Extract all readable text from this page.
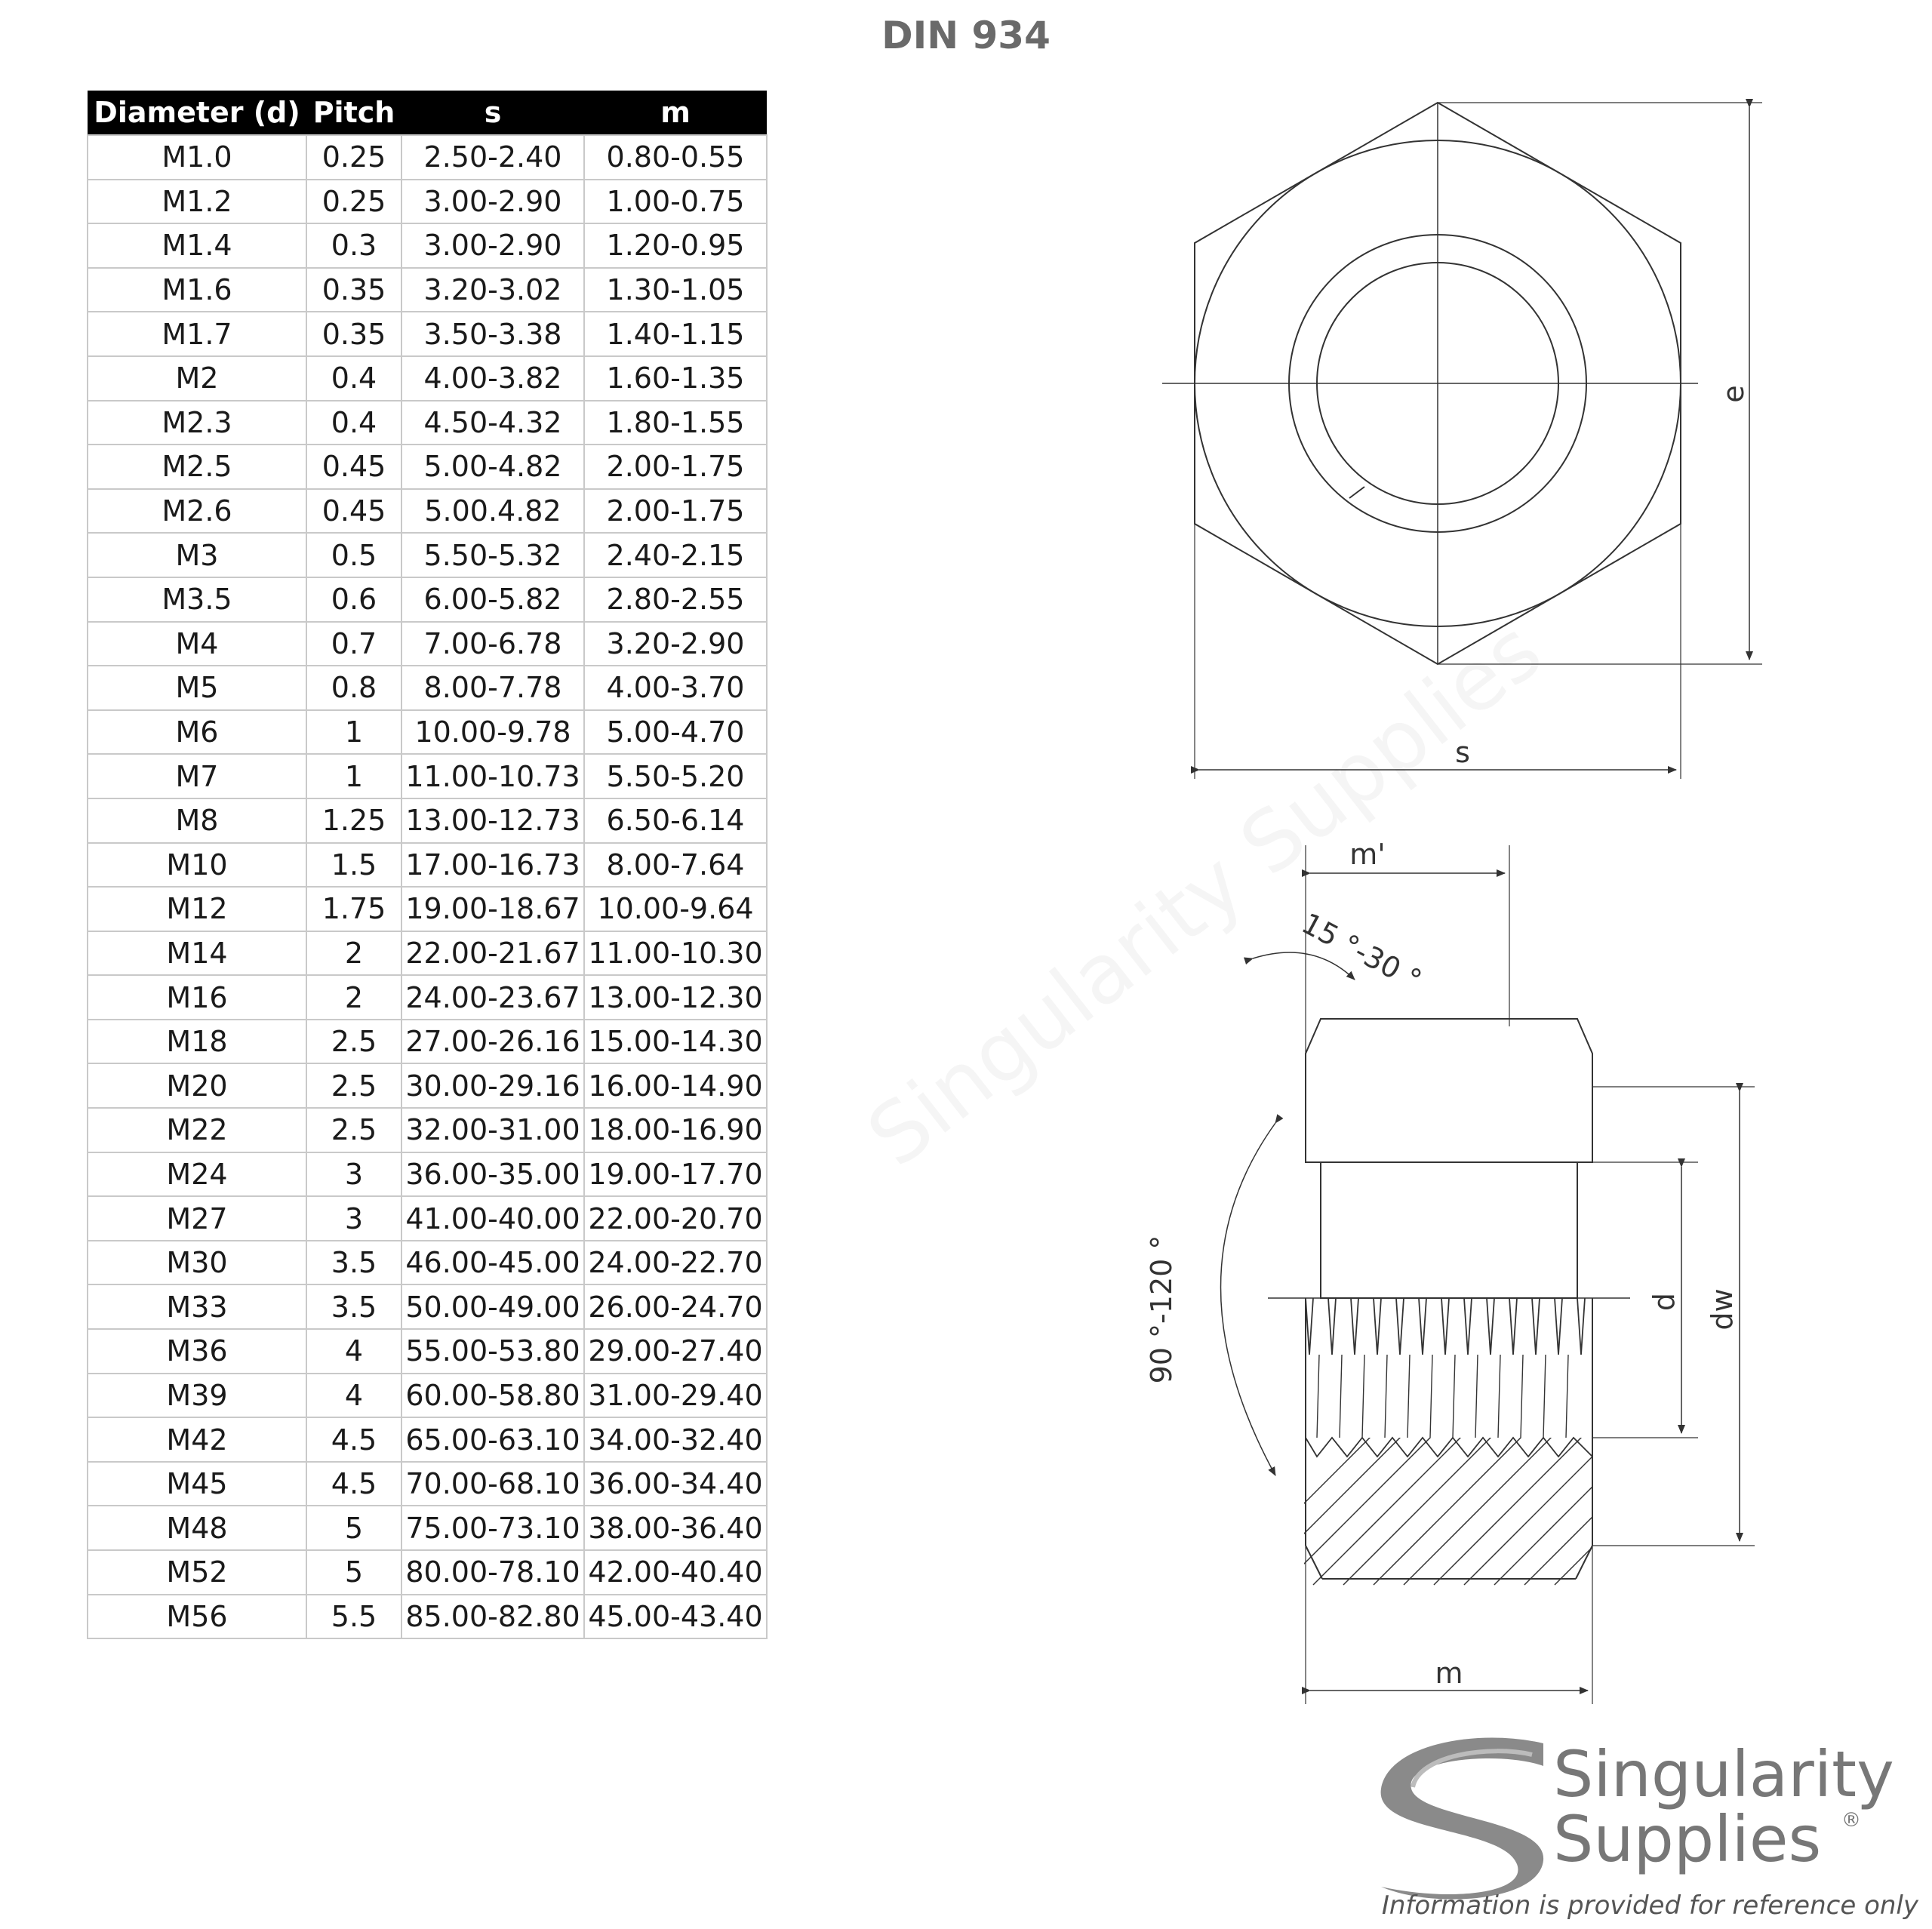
DIN 934
Diameter (d)	Pitch	s	m
M1.0	0.25	2.50-2.40	0.80-0.55
M1.2	0.25	3.00-2.90	1.00-0.75
M1.4	0.3	3.00-2.90	1.20-0.95
M1.6	0.35	3.20-3.02	1.30-1.05
M1.7	0.35	3.50-3.38	1.40-1.15
M2	0.4	4.00-3.82	1.60-1.35
M2.3	0.4	4.50-4.32	1.80-1.55
M2.5	0.45	5.00-4.82	2.00-1.75
M2.6	0.45	5.00.4.82	2.00-1.75
M3	0.5	5.50-5.32	2.40-2.15
M3.5	0.6	6.00-5.82	2.80-2.55
M4	0.7	7.00-6.78	3.20-2.90
M5	0.8	8.00-7.78	4.00-3.70
M6	1	10.00-9.78	5.00-4.70
M7	1	11.00-10.73	5.50-5.20
M8	1.25	13.00-12.73	6.50-6.14
M10	1.5	17.00-16.73	8.00-7.64
M12	1.75	19.00-18.67	10.00-9.64
M14	2	22.00-21.67	11.00-10.30
M16	2	24.00-23.67	13.00-12.30
M18	2.5	27.00-26.16	15.00-14.30
M20	2.5	30.00-29.16	16.00-14.90
M22	2.5	32.00-31.00	18.00-16.90
M24	3	36.00-35.00	19.00-17.70
M27	3	41.00-40.00	22.00-20.70
M30	3.5	46.00-45.00	24.00-22.70
M33	3.5	50.00-49.00	26.00-24.70
M36	4	55.00-53.80	29.00-27.40
M39	4	60.00-58.80	31.00-29.40
M42	4.5	65.00-63.10	34.00-32.40
M45	4.5	70.00-68.10	36.00-34.40
M48	5	75.00-73.10	38.00-36.40
M52	5	80.00-78.10	42.00-40.40
M56	5.5	85.00-82.80	45.00-43.40
e
s
m'
15 °-30 °
90 °-120 °	d dw
m
Singularity
Supplies ®
Information is provided for reference only
